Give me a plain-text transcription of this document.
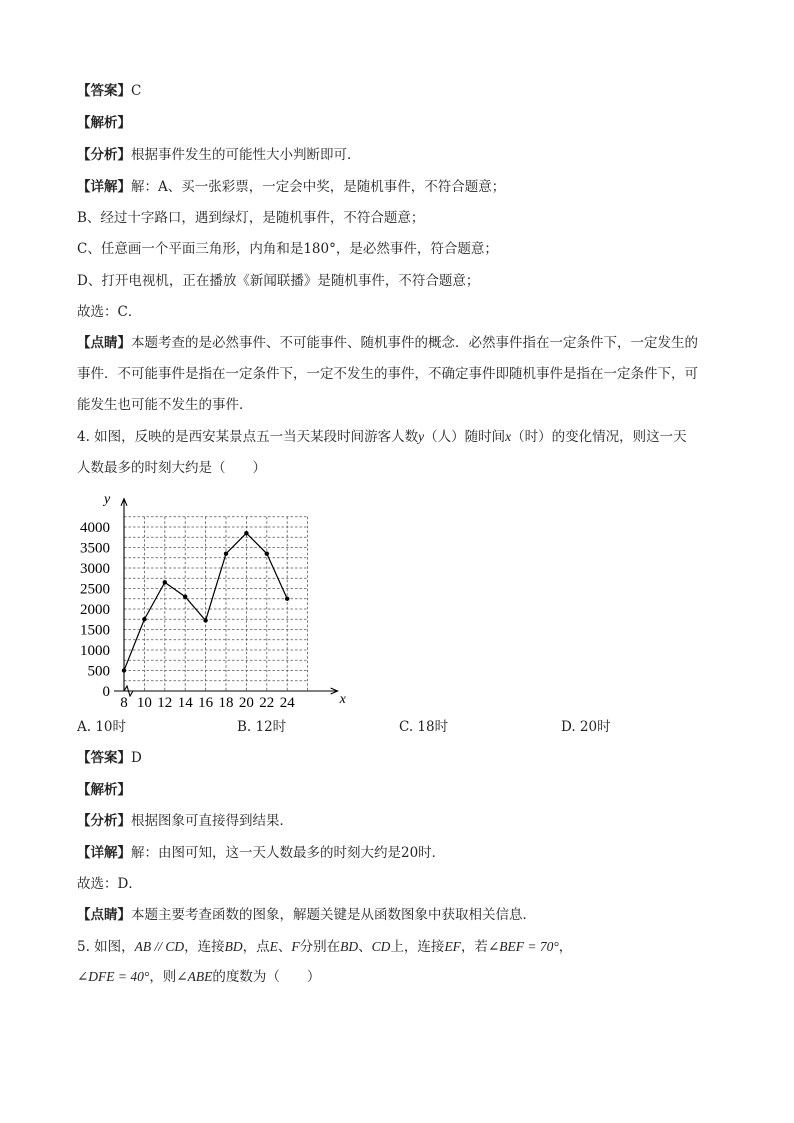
【答案】C
【解析】
【分析】根据事件发生的可能性大小判断即可．
【详解】解：A、买一张彩票，一定会中奖，是随机事件，不符合题意；
B、经过十字路口，遇到绿灯，是随机事件，不符合题意；
C、任意画一个平面三角形，内角和是180°，是必然事件，符合题意；
D、打开电视机，正在播放《新闻联播》是随机事件，不符合题意；
故选：C．
【点睛】本题考查的是必然事件、不可能事件、随机事件的概念．必然事件指在一定条件下，一定发生的
事件．不可能事件是指在一定条件下，一定不发生的事件，不确定事件即随机事件是指在一定条件下，可
能发生也可能不发生的事件．
4. 如图，反映的是西安某景点五一当天某段时间游客人数y（人）随时间x（时）的变化情况，则这一天
人数最多的时刻大约是（　　）
y
x
8 10 12 14 16 18 20 22 24
0
500
1000
1500
2000
2500
3000
3500
4000
A. 10时	B. 12时	C. 18时	D. 20时
【答案】D
【解析】
【分析】根据图象可直接得到结果．
【详解】解：由图可知，这一天人数最多的时刻大约是20时．
故选：D．
【点睛】本题主要考查函数的图象，解题关键是从函数图象中获取相关信息．
5. 如图，AB // CD，连接BD，点E、F分别在BD、CD上，连接EF，若∠BEF = 70°，
∠DFE = 40°，则∠ABE的度数为（　　）
